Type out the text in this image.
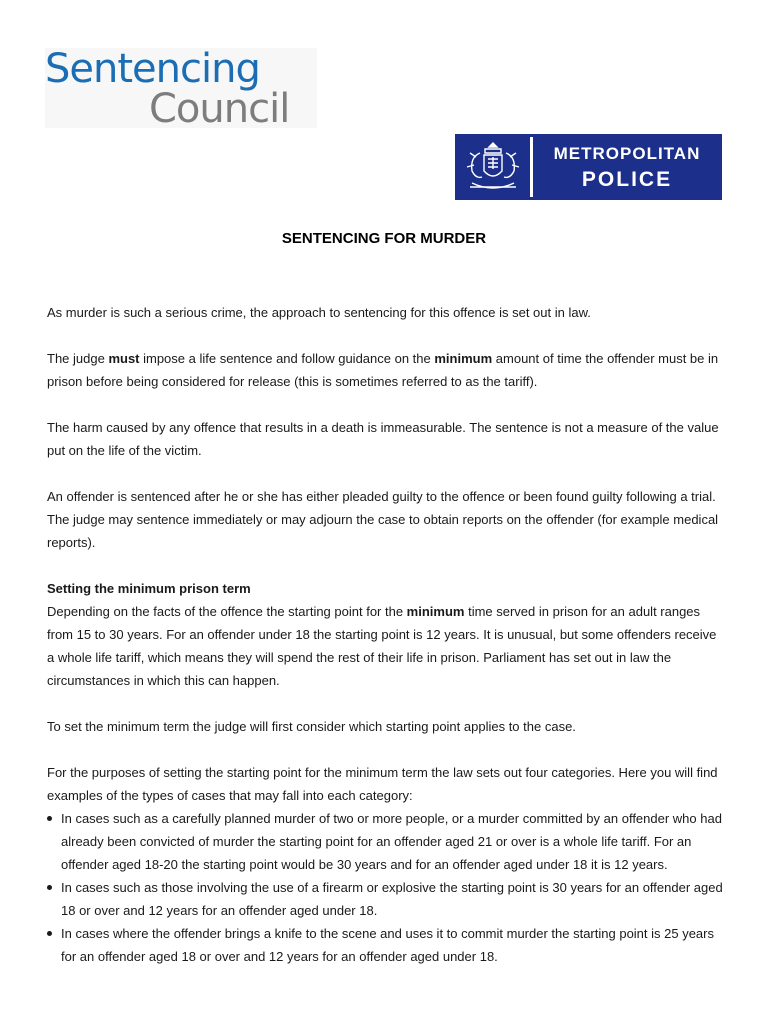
Sentencing
Council
METROPOLITAN
POLICE
SENTENCING FOR MURDER

As murder is such a serious crime, the approach to sentencing for this offence is set out in law.

The judge must impose a life sentence and follow guidance on the minimum amount of time the offender must be in prison before being considered for release (this is sometimes referred to as the tariff).

The harm caused by any offence that results in a death is immeasurable. The sentence is not a measure of the value put on the life of the victim.

An offender is sentenced after he or she has either pleaded guilty to the offence or been found guilty following a trial. The judge may sentence immediately or may adjourn the case to obtain reports on the offender (for example medical reports).

Setting the minimum prison term

Depending on the facts of the offence the starting point for the minimum time served in prison for an adult ranges from 15 to 30 years. For an offender under 18 the starting point is 12 years. It is unusual, but some offenders receive a whole life tariff, which means they will spend the rest of their life in prison. Parliament has set out in law the circumstances in which this can happen.

To set the minimum term the judge will first consider which starting point applies to the case.

For the purposes of setting the starting point for the minimum term the law sets out four categories. Here you will find examples of the types of cases that may fall into each category:
In cases such as a carefully planned murder of two or more people, or a murder committed by an offender who had already been convicted of murder the starting point for an offender aged 21 or over is a whole life tariff. For an offender aged 18-20 the starting point would be 30 years and for an offender aged under 18 it is 12 years.
In cases such as those involving the use of a firearm or explosive the starting point is 30 years for an offender aged 18 or over and 12 years for an offender aged under 18.
In cases where the offender brings a knife to the scene and uses it to commit murder the starting point is 25 years for an offender aged 18 or over and 12 years for an offender aged under 18.
